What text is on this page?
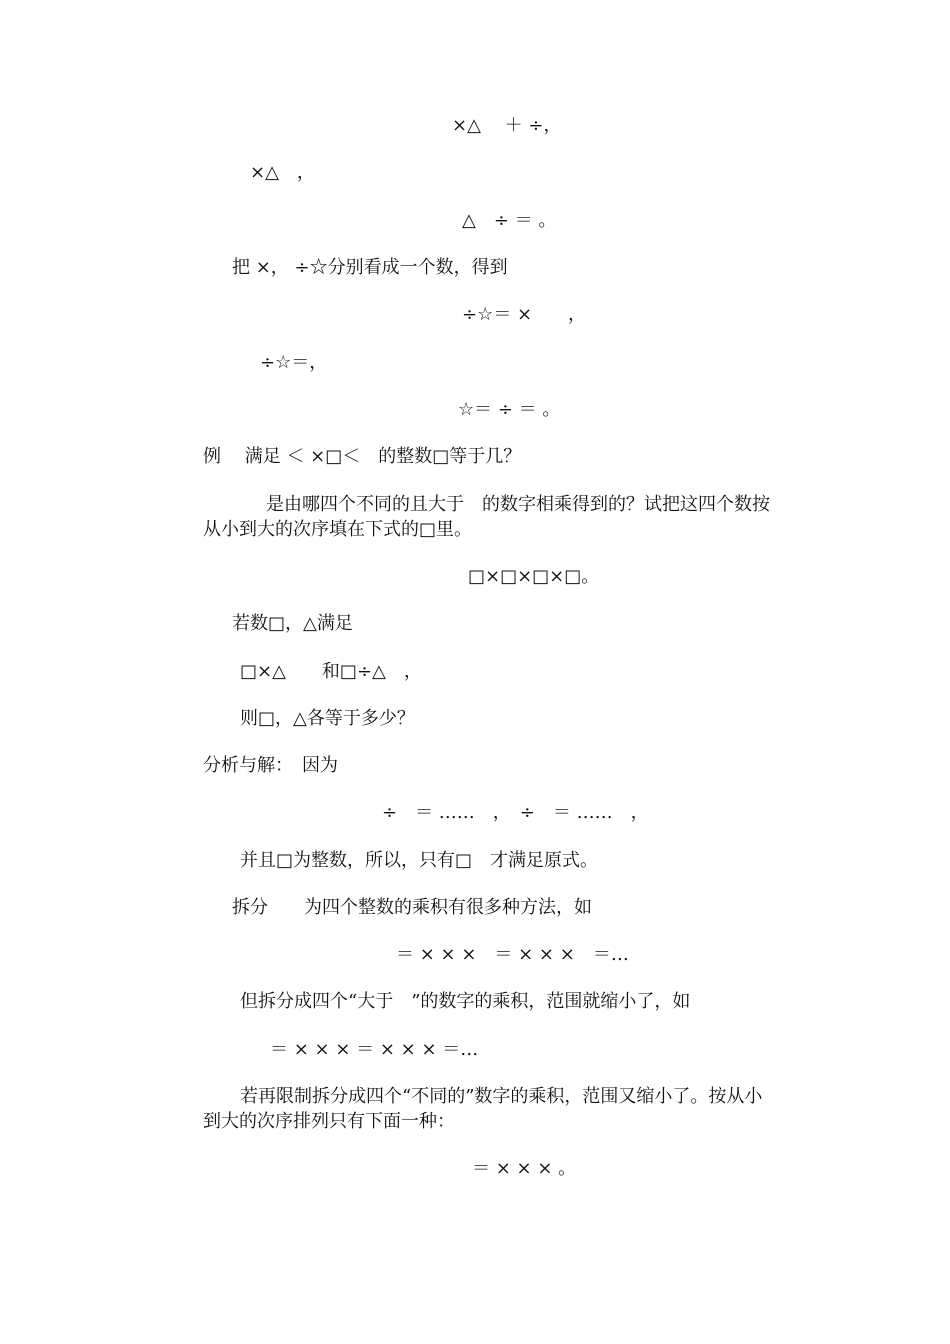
×△　 ＋ ÷，
×△　，
△　÷ ＝ 。
把 ×， ÷☆分别看成一个数，得到
÷☆＝ ×　　，
÷☆＝，
☆＝ ÷ ＝ 。
例　 满足 ＜ ×□＜　的整数□等于几？
是由哪四个不同的且大于　的数字相乘得到的？试把这四个数按
从小到大的次序填在下式的□里。
□×□×□×□。
若数□，△满足
□×△　　和□÷△　，
则□，△各等于多少？
分析与解：　因为
÷　＝ ……　，　÷　＝ ……　，
并且□为整数，所以，只有□　才满足原式。
拆分　　为四个整数的乘积有很多种方法，如
＝ × × ×　＝ × × ×　＝…
但拆分成四个“大于　”的数字的乘积，范围就缩小了，如
＝ × × × ＝ × × × ＝…
若再限制拆分成四个“不同的”数字的乘积，范围又缩小了。按从小
到大的次序排列只有下面一种：
＝ × × × 。
